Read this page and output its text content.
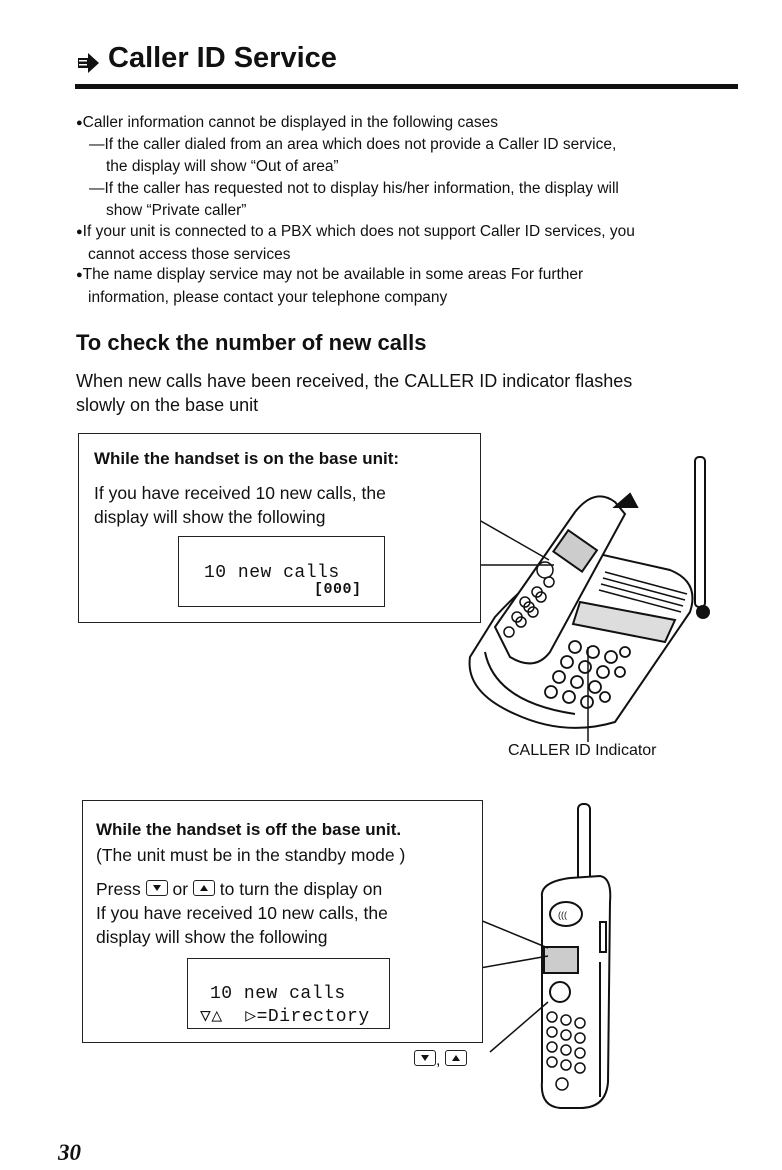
Caller ID Service
●Caller information cannot be displayed in the following cases
—If the caller dialed from an area which does not provide a Caller ID service,
the display will show “Out of area”
—If the caller has requested not to display his/her information, the display will
show “Private caller”
●If your unit is connected to a PBX which does not support Caller ID services, you
cannot access those services
●The name display service may not be available in some areas For further
information, please contact your telephone company
To check the number of new calls
When new calls have been received, the CALLER ID indicator flashes
slowly on the base unit
While the handset is on the base unit:
If you have received 10 new calls, the
display will show the following
10 new calls
[000]
CALLER ID Indicator
(((
While the handset is off the base unit.
(The unit must be in the standby mode )
Press or to turn the display on
If you have received 10 new calls, the
display will show the following
10 new calls
▽△ ▷=Directory
,
30
